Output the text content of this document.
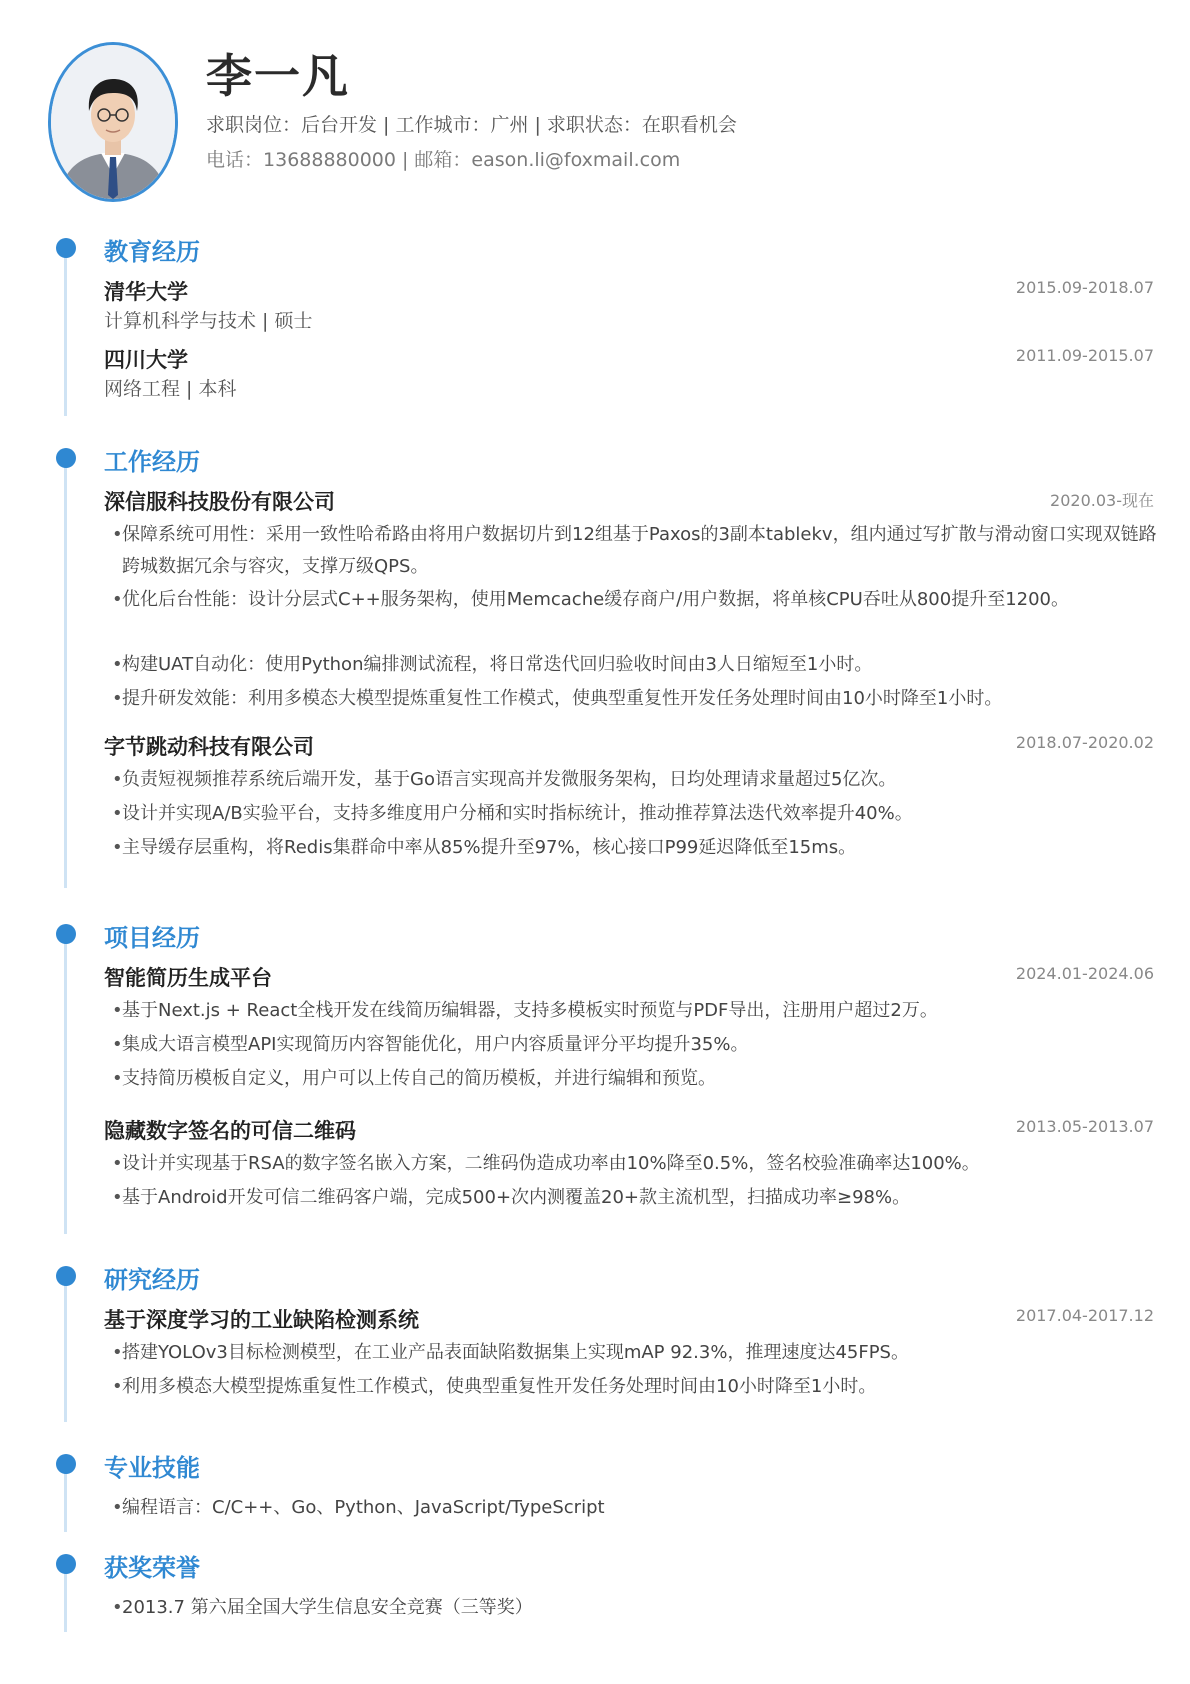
李一凡
求职岗位：后台开发 | 工作城市：广州 | 求职状态：在职看机会
电话：13688880000 | 邮箱：eason.li@foxmail.com
教育经历
清华大学	2015.09-2018.07
计算机科学与技术 | 硕士
四川大学	2011.09-2015.07
网络工程 | 本科
工作经历
深信服科技股份有限公司	2020.03-现在
• 保障系统可用性：采用一致性哈希路由将用户数据切片到12组基于Paxos的3副本tablekv，组内通过写扩散与滑动窗口实现双链路跨城数据冗余与容灾，支撑万级QPS。
• 优化后台性能：设计分层式C++服务架构，使用Memcache缓存商户/用户数据，将单核CPU吞吐从800提升至1200。
• 构建UAT自动化：使用Python编排测试流程，将日常迭代回归验收时间由3人日缩短至1小时。
• 提升研发效能：利用多模态大模型提炼重复性工作模式，使典型重复性开发任务处理时间由10小时降至1小时。
字节跳动科技有限公司	2018.07-2020.02
• 负责短视频推荐系统后端开发，基于Go语言实现高并发微服务架构，日均处理请求量超过5亿次。
• 设计并实现A/B实验平台，支持多维度用户分桶和实时指标统计，推动推荐算法迭代效率提升40%。
• 主导缓存层重构，将Redis集群命中率从85%提升至97%，核心接口P99延迟降低至15ms。
项目经历
智能简历生成平台	2024.01-2024.06
• 基于Next.js + React全栈开发在线简历编辑器，支持多模板实时预览与PDF导出，注册用户超过2万。
• 集成大语言模型API实现简历内容智能优化，用户内容质量评分平均提升35%。
• 支持简历模板自定义，用户可以上传自己的简历模板，并进行编辑和预览。
隐藏数字签名的可信二维码	2013.05-2013.07
• 设计并实现基于RSA的数字签名嵌入方案，二维码伪造成功率由10%降至0.5%，签名校验准确率达100%。
• 基于Android开发可信二维码客户端，完成500+次内测覆盖20+款主流机型，扫描成功率≥98%。
研究经历
基于深度学习的工业缺陷检测系统	2017.04-2017.12
• 搭建YOLOv3目标检测模型，在工业产品表面缺陷数据集上实现mAP 92.3%，推理速度达45FPS。
• 利用多模态大模型提炼重复性工作模式，使典型重复性开发任务处理时间由10小时降至1小时。
专业技能
• 编程语言：C/C++、Go、Python、JavaScript/TypeScript
获奖荣誉
• 2013.7 第六届全国大学生信息安全竞赛（三等奖）
